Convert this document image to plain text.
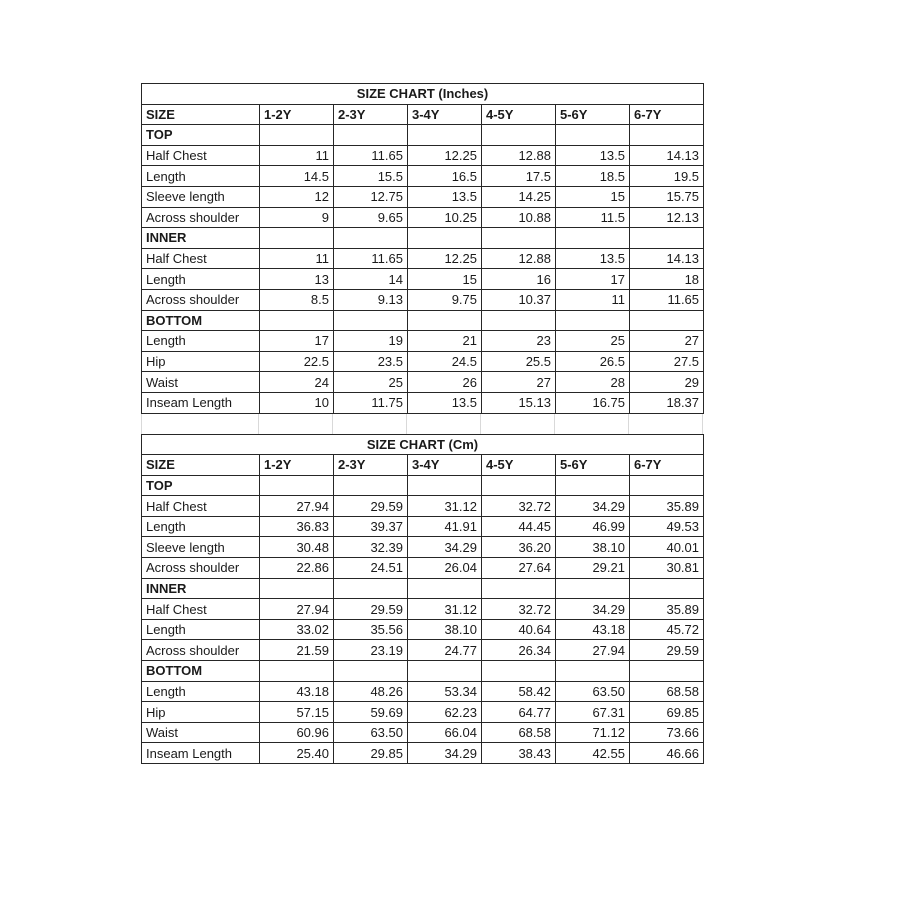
SIZE CHART (Inches)						
SIZE	1-2Y	2-3Y	3-4Y	4-5Y	5-6Y	6-7Y
TOP						
Half Chest	11	11.65	12.25	12.88	13.5	14.13
Length	14.5	15.5	16.5	17.5	18.5	19.5
Sleeve length	12	12.75	13.5	14.25	15	15.75
Across shoulder	9	9.65	10.25	10.88	11.5	12.13
INNER						
Half Chest	11	11.65	12.25	12.88	13.5	14.13
Length	13	14	15	16	17	18
Across shoulder	8.5	9.13	9.75	10.37	11	11.65
BOTTOM						
Length	17	19	21	23	25	27
Hip	22.5	23.5	24.5	25.5	26.5	27.5
Waist	24	25	26	27	28	29
Inseam Length	10	11.75	13.5	15.13	16.75	18.37
SIZE CHART (Cm)						
SIZE	1-2Y	2-3Y	3-4Y	4-5Y	5-6Y	6-7Y
TOP						
Half Chest	27.94	29.59	31.12	32.72	34.29	35.89
Length	36.83	39.37	41.91	44.45	46.99	49.53
Sleeve length	30.48	32.39	34.29	36.20	38.10	40.01
Across shoulder	22.86	24.51	26.04	27.64	29.21	30.81
INNER						
Half Chest	27.94	29.59	31.12	32.72	34.29	35.89
Length	33.02	35.56	38.10	40.64	43.18	45.72
Across shoulder	21.59	23.19	24.77	26.34	27.94	29.59
BOTTOM						
Length	43.18	48.26	53.34	58.42	63.50	68.58
Hip	57.15	59.69	62.23	64.77	67.31	69.85
Waist	60.96	63.50	66.04	68.58	71.12	73.66
Inseam Length	25.40	29.85	34.29	38.43	42.55	46.66
